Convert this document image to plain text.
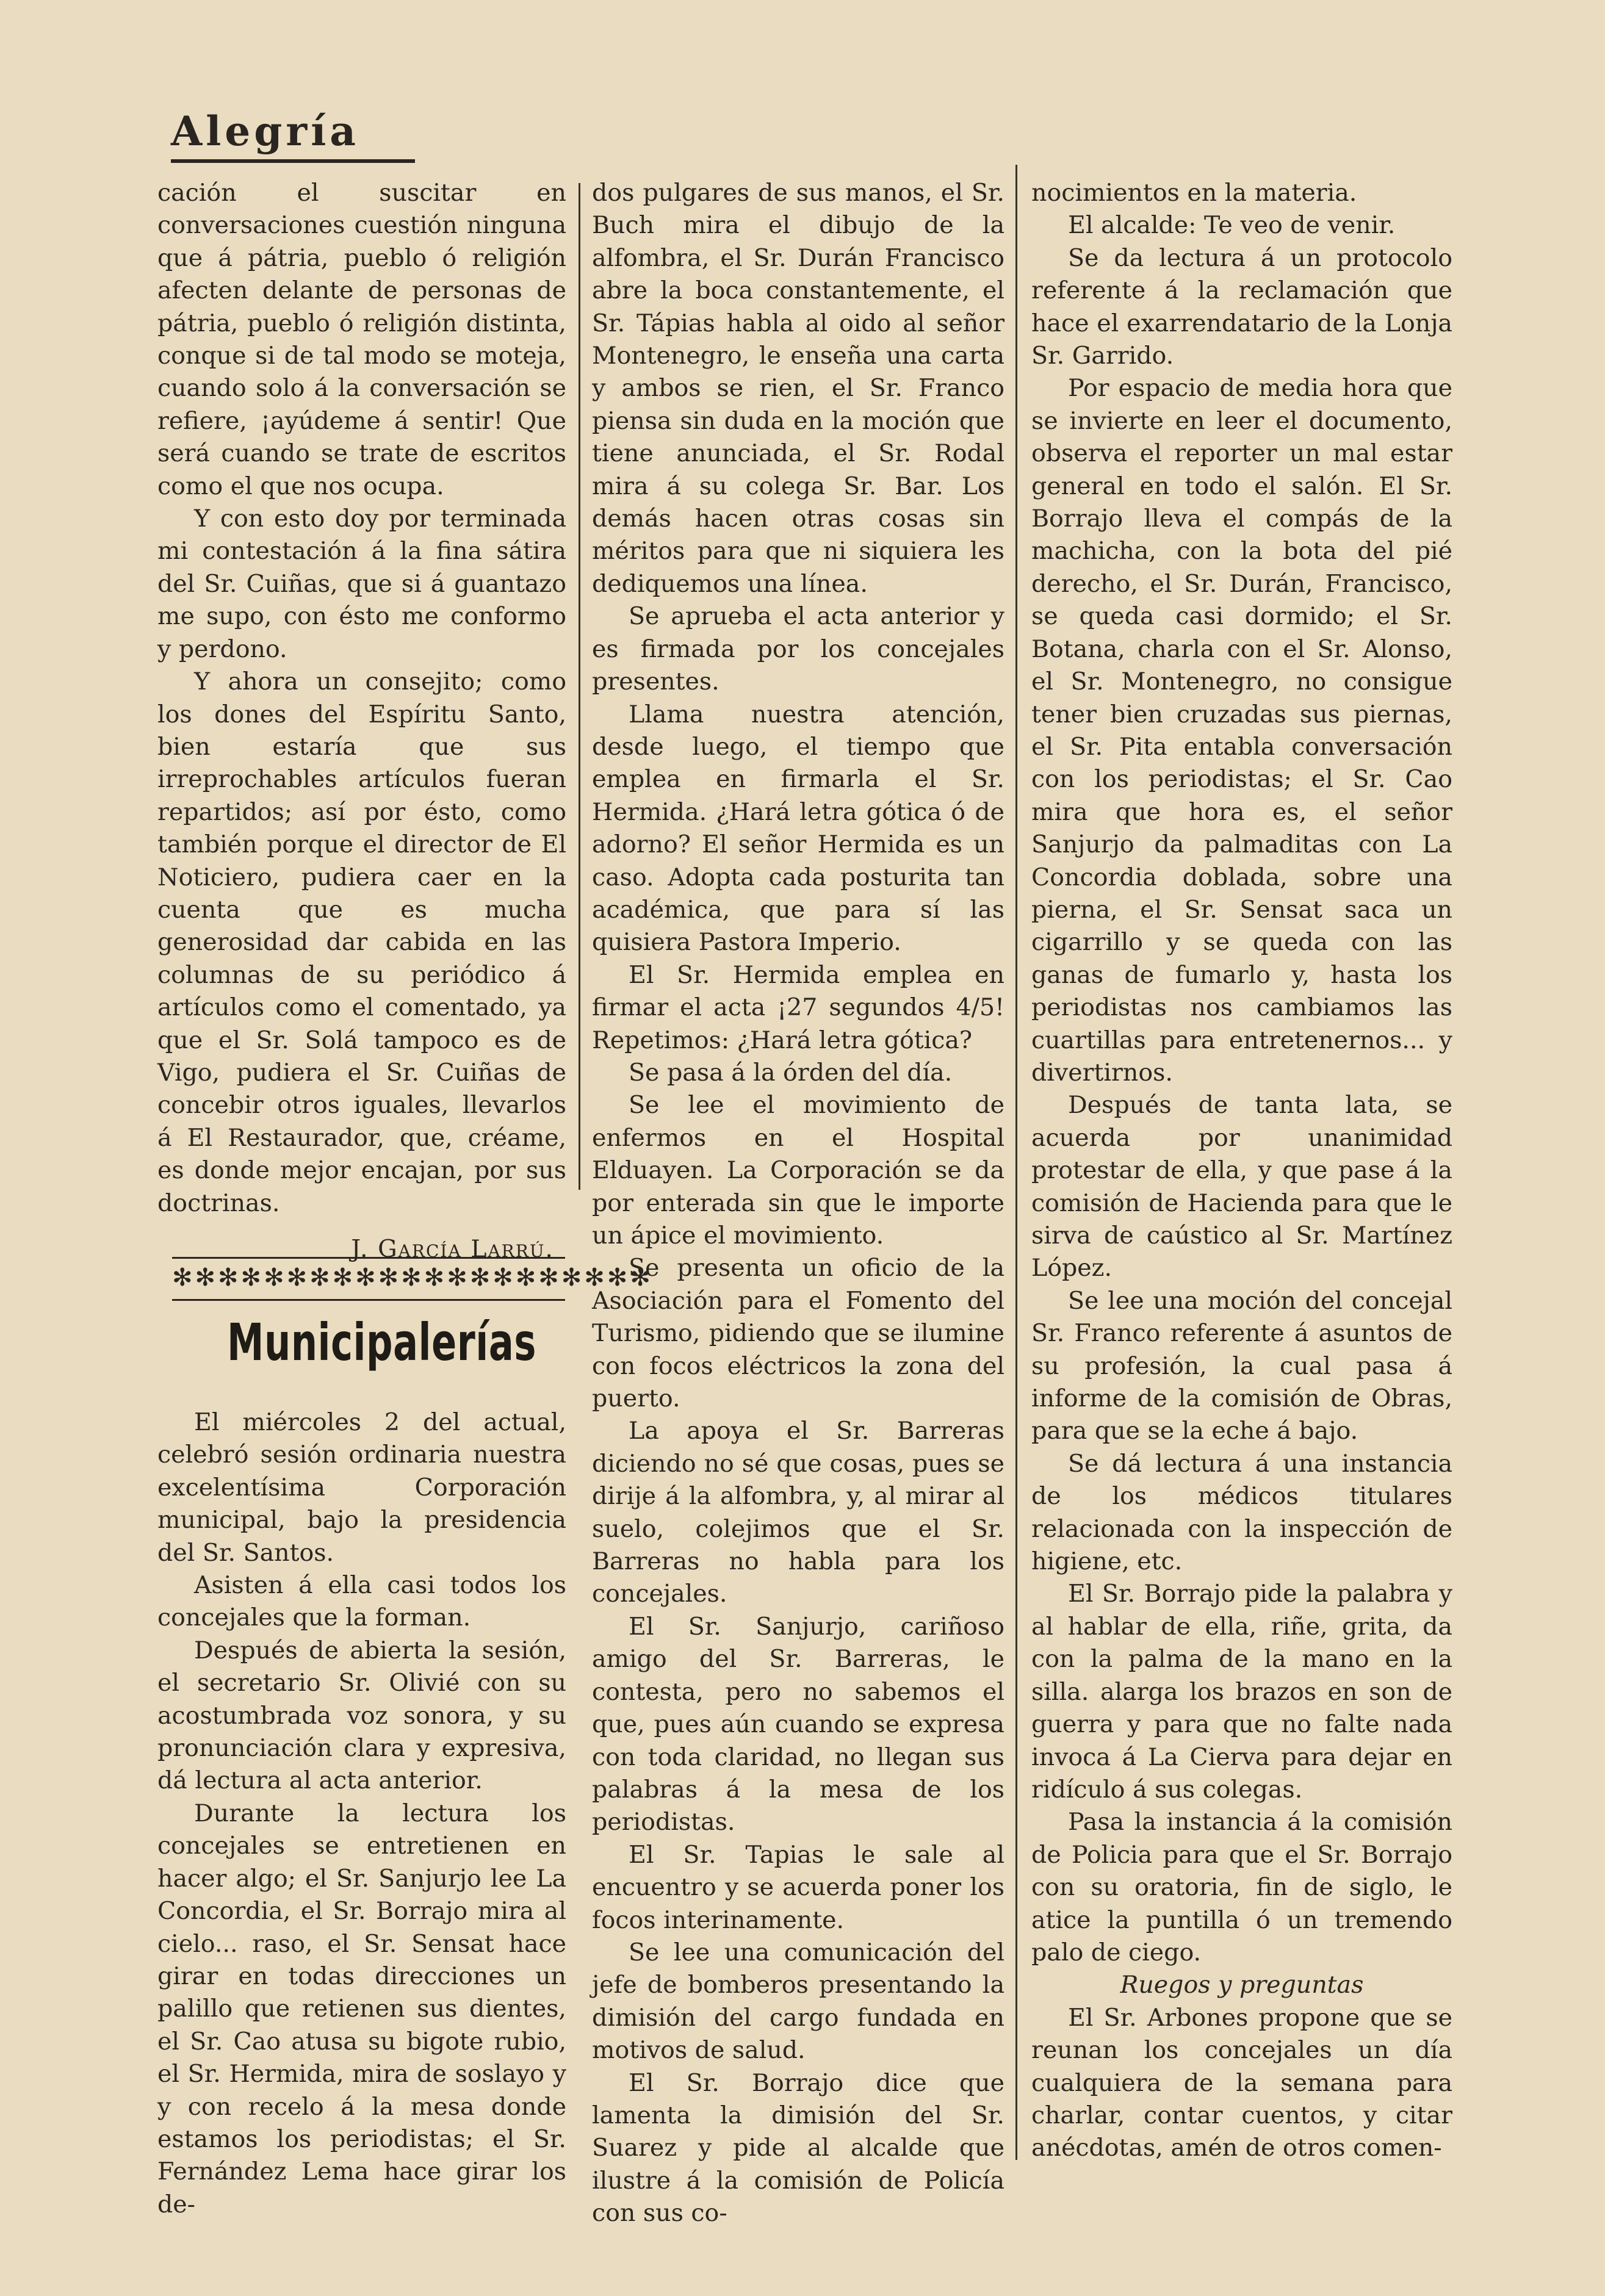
Alegría

cación el suscitar en conversaciones cuestión ninguna que á pátria, pueblo ó religión afecten delante de personas de pátria, pueblo ó religión distinta, conque si de tal modo se moteja, cuando solo á la conversación se refiere, ¡ayúdeme á sentir! Que será cuando se trate de escritos como el que nos ocupa.

Y con esto doy por terminada mi contestación á la fina sátira del Sr. Cuiñas, que si á guantazo me supo, con ésto me conformo y perdono.

Y ahora un consejito; como los dones del Espíritu Santo, bien estaría que sus irreprochables artículos fueran repartidos; así por ésto, como también porque el director de El Noticiero, pudiera caer en la cuenta que es mucha generosidad dar cabida en las columnas de su periódico á artículos como el comentado, ya que el Sr. Solá tampoco es de Vigo, pudiera el Sr. Cuiñas de concebir otros iguales, llevarlos á El Restaurador, que, créame, es donde mejor encajan, por sus doctrinas.

J. García Larrú.
✻✻✻✻✻✻✻✻✻✻✻✻✻✻✻✻✻✻✻✻✻
Municipalerías

El miércoles 2 del actual, celebró sesión ordinaria nuestra excelentísima Corporación municipal, bajo la presidencia del Sr. Santos.

Asisten á ella casi todos los concejales que la forman.

Después de abierta la sesión, el secretario Sr. Olivié con su acostumbrada voz sonora, y su pronunciación clara y expresiva, dá lectura al acta anterior.

Durante la lectura los concejales se entretienen en hacer algo; el Sr. Sanjurjo lee La Concordia, el Sr. Borrajo mira al cielo... raso, el Sr. Sensat hace girar en todas direcciones un palillo que retienen sus dientes, el Sr. Cao atusa su bigote rubio, el Sr. Hermida, mira de soslayo y y con recelo á la mesa donde estamos los periodistas; el Sr. Fernández Lema hace girar los de-

dos pulgares de sus manos, el Sr. Buch mira el dibujo de la alfombra, el Sr. Durán Francisco abre la boca constantemente, el Sr. Tápias habla al oido al señor Montenegro, le enseña una carta y ambos se rien, el Sr. Franco piensa sin duda en la moción que tiene anunciada, el Sr. Rodal mira á su colega Sr. Bar. Los demás hacen otras cosas sin méritos para que ni siquiera les dediquemos una línea.

Se aprueba el acta anterior y es firmada por los concejales presentes.

Llama nuestra atención, desde luego, el tiempo que emplea en firmarla el Sr. Hermida. ¿Hará letra gótica ó de adorno? El señor Hermida es un caso. Adopta cada posturita tan académica, que para sí las quisiera Pastora Imperio.

El Sr. Hermida emplea en firmar el acta ¡27 segundos 4/5! Repetimos: ¿Hará letra gótica?

Se pasa á la órden del día.

Se lee el movimiento de enfermos en el Hospital Elduayen. La Corporación se da por enterada sin que le importe un ápice el movimiento.

Se presenta un oficio de la Asociación para el Fomento del Turismo, pidiendo que se ilumine con focos eléctricos la zona del puerto.

La apoya el Sr. Barreras diciendo no sé que cosas, pues se dirije á la alfombra, y, al mirar al suelo, colejimos que el Sr. Barreras no habla para los concejales.

El Sr. Sanjurjo, cariñoso amigo del Sr. Barreras, le contesta, pero no sabemos el que, pues aún cuando se expresa con toda claridad, no llegan sus palabras á la mesa de los periodistas.

El Sr. Tapias le sale al encuentro y se acuerda poner los focos interinamente.

Se lee una comunicación del jefe de bomberos presentando la dimisión del cargo fundada en motivos de salud.

El Sr. Borrajo dice que lamenta la dimisión del Sr. Suarez y pide al alcalde que ilustre á la comisión de Policía con sus co-

nocimientos en la materia.

El alcalde: Te veo de venir.

Se da lectura á un protocolo referente á la reclamación que hace el exarrendatario de la Lonja Sr. Garrido.

Por espacio de media hora que se invierte en leer el documento, observa el reporter un mal estar general en todo el salón. El Sr. Borrajo lleva el compás de la machicha, con la bota del pié derecho, el Sr. Durán, Francisco, se queda casi dormido; el Sr. Botana, charla con el Sr. Alonso, el Sr. Montenegro, no consigue tener bien cruzadas sus piernas, el Sr. Pita entabla conversación con los periodistas; el Sr. Cao mira que hora es, el señor Sanjurjo da palmaditas con La Concordia doblada, sobre una pierna, el Sr. Sensat saca un cigarrillo y se queda con las ganas de fumarlo y, hasta los periodistas nos cambiamos las cuartillas para entretenernos... y divertirnos.

Después de tanta lata, se acuerda por unanimidad protestar de ella, y que pase á la comisión de Hacienda para que le sirva de caústico al Sr. Martínez López.

Se lee una moción del concejal Sr. Franco referente á asuntos de su profesión, la cual pasa á informe de la comisión de Obras, para que se la eche á bajo.

Se dá lectura á una instancia de los médicos titulares relacionada con la inspección de higiene, etc.

El Sr. Borrajo pide la palabra y al hablar de ella, riñe, grita, da con la palma de la mano en la silla. alarga los brazos en son de guerra y para que no falte nada invoca á La Cierva para dejar en ridículo á sus colegas.

Pasa la instancia á la comisión de Policia para que el Sr. Borrajo con su oratoria, fin de siglo, le atice la puntilla ó un tremendo palo de ciego.

Ruegos y preguntas

El Sr. Arbones propone que se reunan los concejales un día cualquiera de la semana para charlar, contar cuentos, y citar anécdotas, amén de otros comen-
